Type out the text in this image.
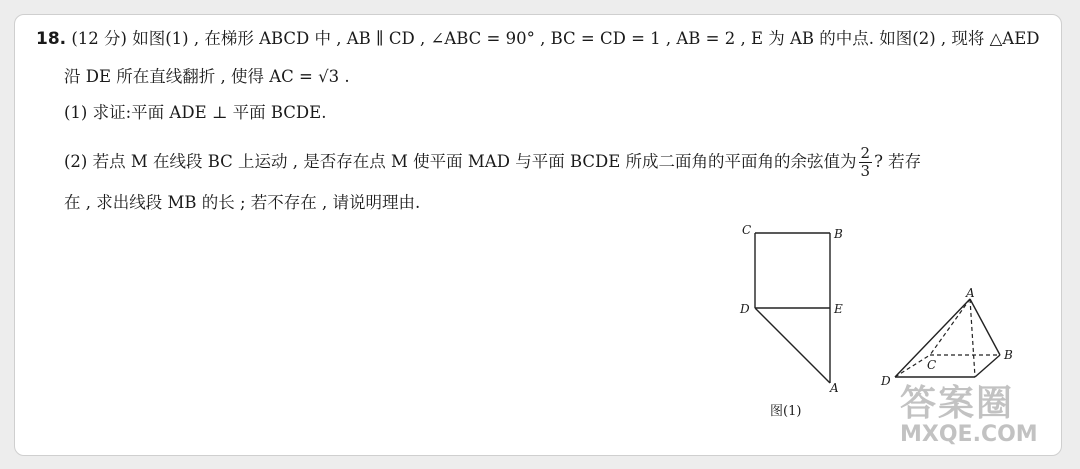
18. (12 分) 如图(1) , 在梯形 ABCD 中 , AB ∥ CD , ∠ABC = 90° , BC = CD = 1 , AB = 2 , E 为 AB 的中点. 如图(2) , 现将 △AED
沿 DE 所在直线翻折 , 使得 AC = √3 .
(1) 求证:平面 ADE ⊥ 平面 BCDE.
(2) 若点 M 在线段 BC 上运动 , 是否存在点 M 使平面 MAD 与平面 BCDE 所成二面角的平面角的余弦值为 $\frac{2}{3}$ ? 若存
在 , 求出线段 MB 的长 ; 若不存在 , 请说明理由.
C	B
D	E
A
图(1)
A
B
C
D
答案圈
MXQE.COM
